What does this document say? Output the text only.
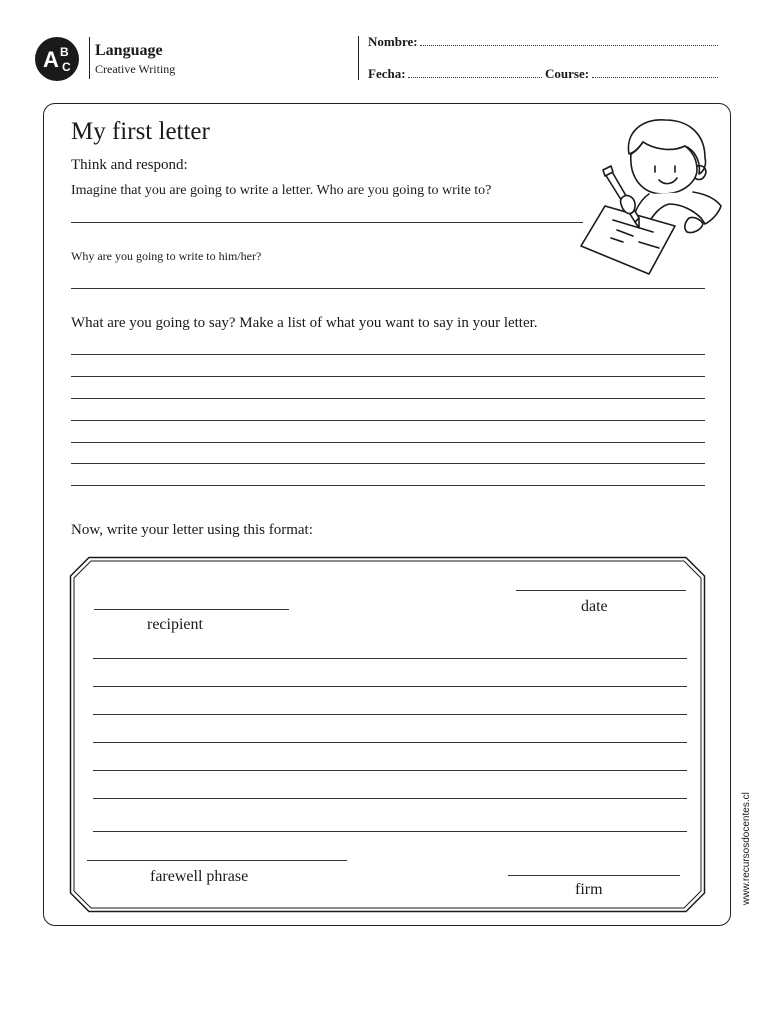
A B
C
Language
Creative Writing
Nombre:
Fecha:	Course:
My first letter
Think and respond:
Imagine that you are going to write a letter. Who are you going to write to?
Why are you going to write to him/her?
What are you going to say? Make a list of what you want to say in your letter.
Now, write your letter using this format:
date
recipient
farewell phrase
firm	www.recursosdocentes.cl
